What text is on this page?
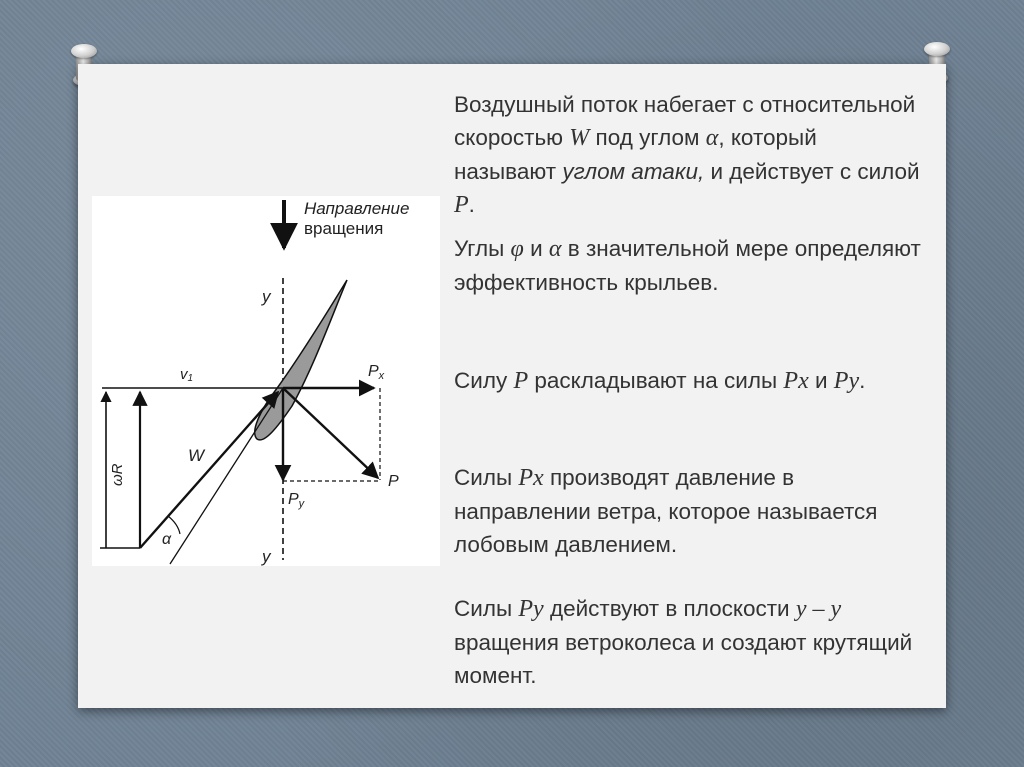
Направление
вращения
y
y
v1
ωR
W
α
Px
Py
P

Воздушный поток набегает с относительной скоростью W под углом α, который называют углом атаки, и действует с силой P.

Углы φ и α в значительной мере определяют эффективность крыльев.

Силу P раскладывают на силы Px и Py.

Силы Px производят давление в направлении ветра, которое называется лобовым давлением.

Силы Py действуют в плоскости y – y вращения ветроколеса и создают крутящий момент.
